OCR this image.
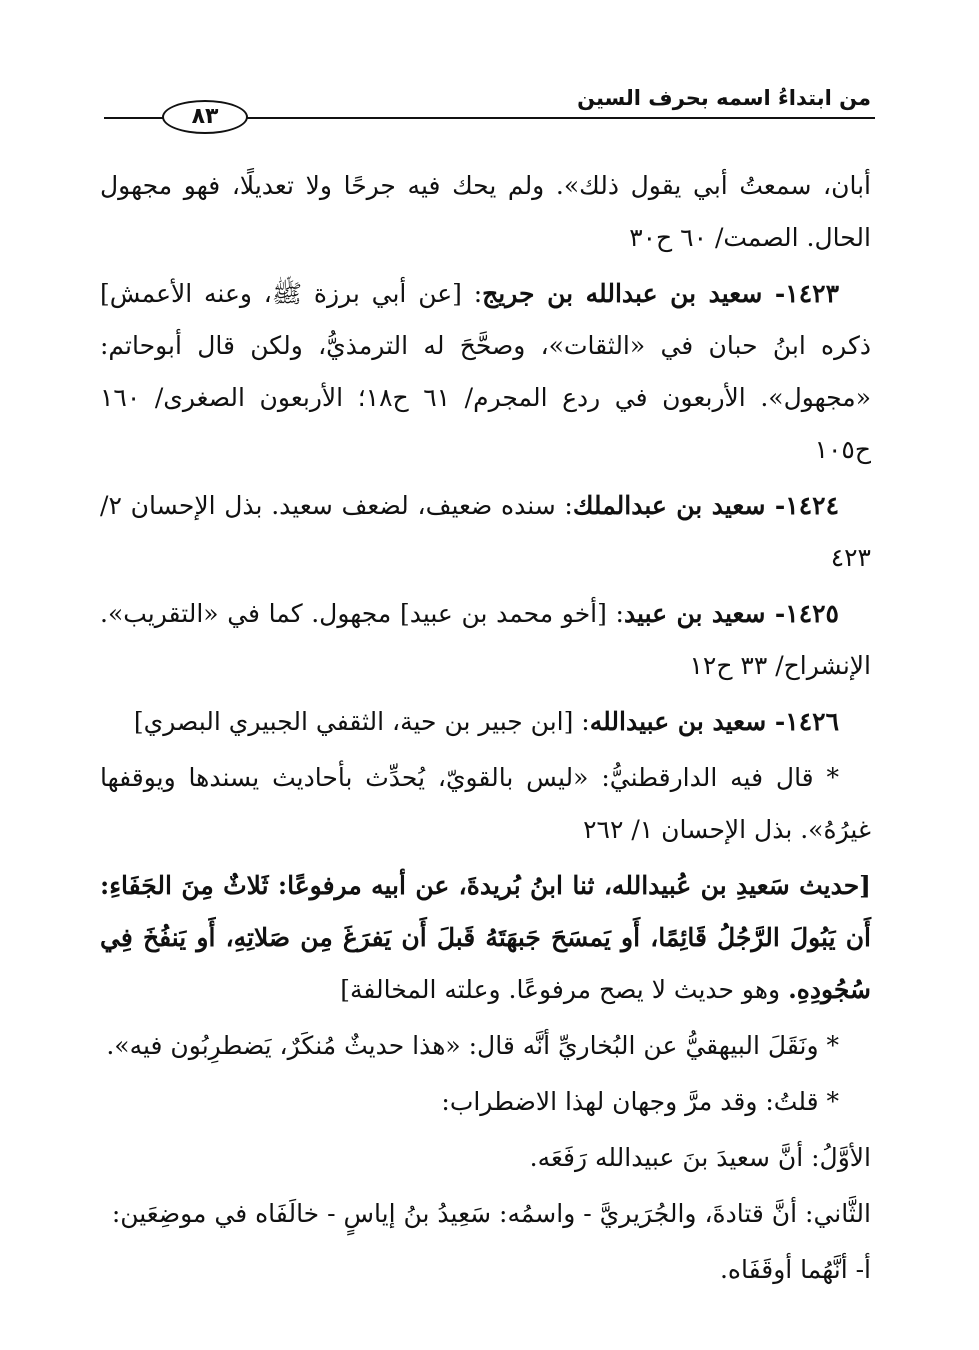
من ابتداءُ اسمه بحرف السين
٨٣

أبان، سمعتُ أبي يقول ذلك». ولم يحك فيه جرحًا ولا تعديلًا، فهو مجهول الحال. الصمت/ ٦٠ ح٣٠

١٤٢٣- سعيد بن عبدالله بن جريج: [عن أبي برزة ﷺ، وعنه الأعمش] ذكره ابنُ حبان في «الثقات»، وصحَّحَ له الترمذيُّ، ولكن قال أبوحاتم: «مجهول». الأربعون في ردع المجرم/ ٦١ ح١٨؛ الأربعون الصغرى/ ١٦٠ ح١٠٥

١٤٢٤- سعيد بن عبدالملك: سنده ضعيف، لضعف سعيد. بذل الإحسان ٢/ ٤٢٣

١٤٢٥- سعيد بن عبيد: [أخو محمد بن عبيد] مجهول. كما في «التقريب». الإنشراح/ ٣٣ ح١٢

١٤٢٦- سعيد بن عبيدالله: [ابن جبير بن حية، الثقفي الجبيري البصري]

* قال فيه الدارقطنيُّ: «ليس بالقويّ، يُحدِّث بأحاديث يسندها ويوقفها غيرُهُ». بذل الإحسان ١/ ٢٦٢

[حديث سَعيدِ بن عُبيدالله، ثنا ابنُ بُريدةَ، عن أبيه مرفوعًا: ثَلاثٌ مِنَ الجَفَاءِ: أَن يَبُولَ الرَّجُلُ قَائِمًا، أَو يَمسَحَ جَبهَتَهُ قَبلَ أَن يَفرَغَ مِن صَلاتِهِ، أَو يَنفُخَ فِي سُجُودِهِ. وهو حديث لا يصح مرفوعًا. وعلته المخالفة]

* ونَقَلَ البيهقيُّ عن البُخاريِّ أنَّه قال: «هذا حديثٌ مُنكَرٌ، يَضطرِبُون فيه».

* قلتُ: وقد مرَّ وجهان لهذا الاضطراب:

الأوَّلُ: أنَّ سعيدَ بنَ عبيدالله رَفَعَه.

الثَّاني: أنَّ قتادةَ، والجُرَيريَّ - واسمُه: سَعِيدُ بنُ إياسٍ - خالَفَاه في موضِعَين:

أ- أنَّهُما أوقَفَاه.
